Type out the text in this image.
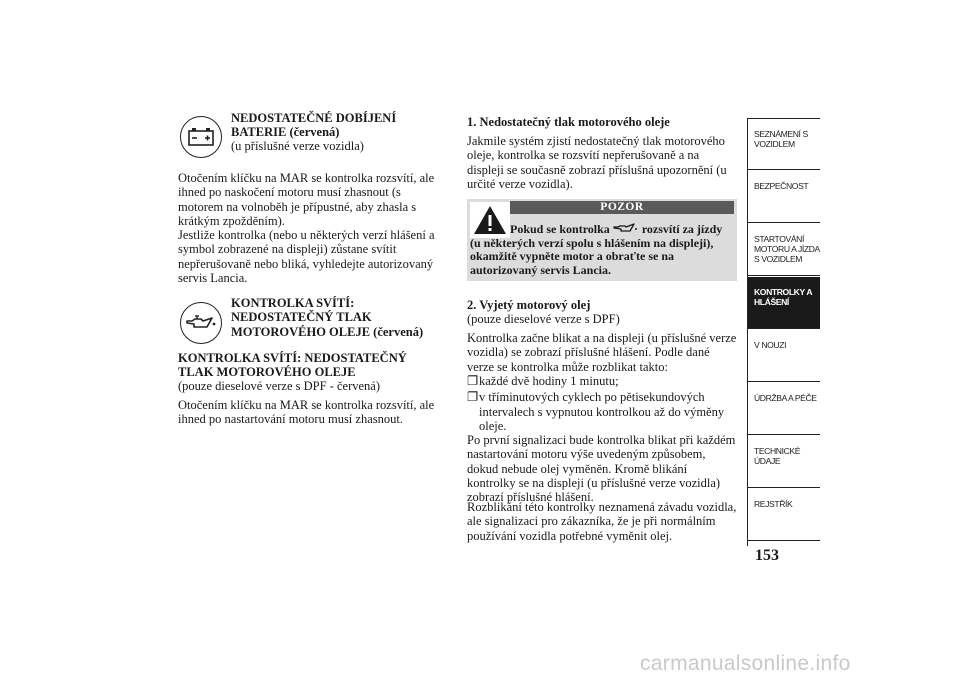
NEDOSTATEČNÉ DOBÍJENÍ BATERIE (červená)
(u příslušné verze vozidla)

Otočením klíčku na MAR se kontrolka rozsvítí, ale ihned po naskočení motoru musí zhasnout (s motorem na volnoběh je přípustné, aby zhasla s krátkým zpožděním).

Jestliže kontrolka (nebo u některých verzí hlášení a symbol zobrazené na displeji) zůstane svítit nepřerušovaně nebo bliká, vyhledejte autorizovaný servis Lancia.

KONTROLKA SVÍTÍ: NEDOSTATEČNÝ TLAK MOTOROVÉHO OLEJE (červená)
KONTROLKA SVÍTÍ: NEDOSTATEČNÝ TLAK MOTOROVÉHO OLEJE
(pouze dieselové verze s DPF - červená)

Otočením klíčku na MAR se kontrolka rozsvítí, ale ihned po nastartování motoru musí zhasnout.

1. Nedostatečný tlak motorového oleje

Jakmile systém zjistí nedostatečný tlak motorového oleje, kontrolka se rozsvítí nepřerušovaně a na displeji se současně zobrazí příslušná upozornění (u určité verze vozidla).

POZOR
Pokud se kontrolka	rozsvítí za jízdy (u některých verzí spolu s hlášením na displeji), okamžitě vypněte motor a obraťte se na autorizovaný servis Lancia.
2. Vyjetý motorový olej
(pouze dieselové verze s DPF)

Kontrolka začne blikat a na displeji (u příslušné verze vozidla) se zobrazí příslušné hlášení. Podle dané verze se kontrolka může rozblikat takto:

❐ každé dvě hodiny 1 minutu;
❐ v tříminutových cyklech po pětisekundových intervalech s vypnutou kontrolkou až do výměny oleje.

Po první signalizaci bude kontrolka blikat při každém nastartování motoru výše uvedeným způsobem, dokud nebude olej vyměněn. Kromě blikání kontrolky se na displeji (u příslušné verze vozidla) zobrazí příslušné hlášení.

Rozblikání této kontrolky neznamená závadu vozidla, ale signalizaci pro zákazníka, že je při normálním používání vozidla potřebné vyměnit olej.

SEZNÁMENÍ S VOZIDLEM
BEZPEČNOST
STARTOVÁNÍ MOTORU A JÍZDA S VOZIDLEM
KONTROLKY A HLÁŠENÍ
V NOUZI
ÚDRŽBA A PÉČE
TECHNICKÉ ÚDAJE
REJSTŘÍK
153
carmanualsonline.info
